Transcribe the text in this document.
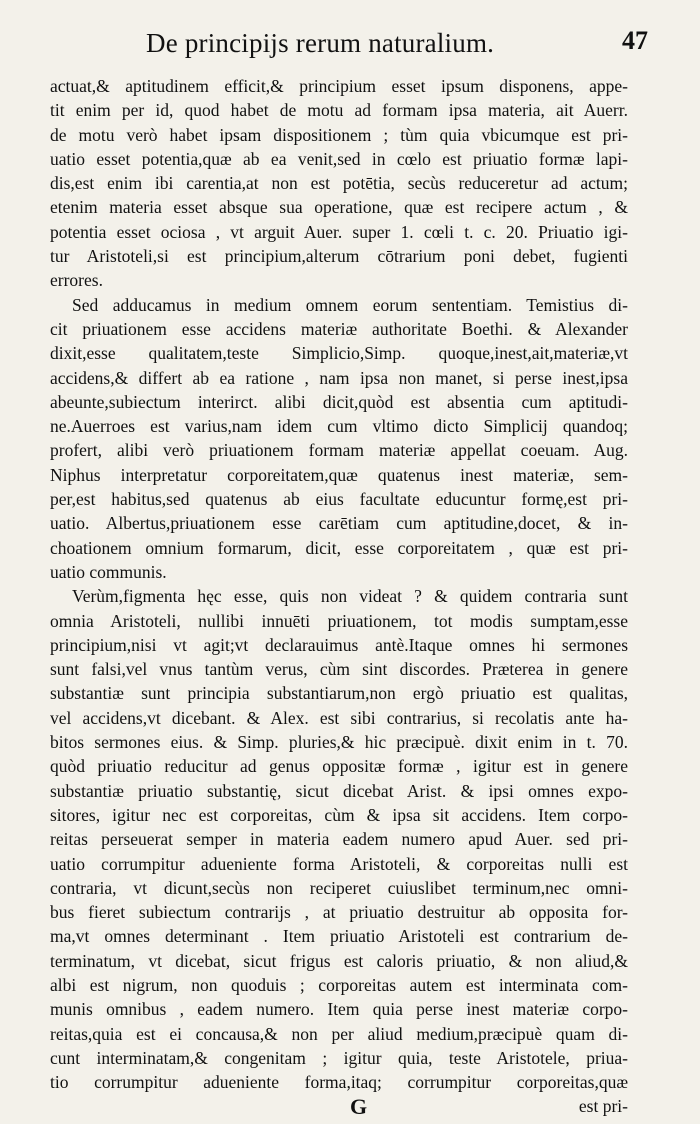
De principijs rerum naturalium.	47
actuat,& aptitudinem efficit,& principium esset ipsum disponens, appe-
tit enim per id, quod habet de motu ad formam ipsa materia, ait Auerr.
de motu verò habet ipsam dispositionem ; tùm quia vbicumque est pri-
uatio esset potentia,quæ ab ea venit,sed in cœlo est priuatio formæ lapi-
dis,est enim ibi carentia,at non est potētia, secùs reduceretur ad actum;
etenim materia esset absque sua operatione, quæ est recipere actum , &
potentia esset ociosa , vt arguit Auer. super 1. cœli t. c. 20. Priuatio igi-
tur Aristoteli,si est principium,alterum cōtrarium poni debet, fugienti
errores.
Sed adducamus in medium omnem eorum sententiam. Temistius di-
cit priuationem esse accidens materiæ authoritate Boethi. & Alexander
dixit,esse qualitatem,teste Simplicio,Simp. quoque,inest,ait,materiæ,vt
accidens,& differt ab ea ratione , nam ipsa non manet, si perse inest,ipsa
abeunte,subiectum interirct. alibi dicit,quòd est absentia cum aptitudi-
ne.Auerroes est varius,nam idem cum vltimo dicto Simplicij quandoq;
profert, alibi verò priuationem formam materiæ appellat coeuam. Aug.
Niphus interpretatur corporeitatem,quæ quatenus inest materiæ, sem-
per,est habitus,sed quatenus ab eius facultate educuntur formę,est pri-
uatio. Albertus,priuationem esse carētiam cum aptitudine,docet, & in-
choationem omnium formarum, dicit, esse corporeitatem , quæ est pri-
uatio communis.
Verùm,figmenta hęc esse, quis non videat ? & quidem contraria sunt
omnia Aristoteli, nullibi innuēti priuationem, tot modis sumptam,esse
principium,nisi vt agit;vt declarauimus antè.Itaque omnes hi sermones
sunt falsi,vel vnus tantùm verus, cùm sint discordes. Præterea in genere
substantiæ sunt principia substantiarum,non ergò priuatio est qualitas,
vel accidens,vt dicebant. & Alex. est sibi contrarius, si recolatis ante ha-
bitos sermones eius. & Simp. pluries,& hic præcipuè. dixit enim in t. 70.
quòd priuatio reducitur ad genus oppositæ formæ , igitur est in genere
substantiæ priuatio substantię, sicut dicebat Arist. & ipsi omnes expo-
sitores, igitur nec est corporeitas, cùm & ipsa sit accidens. Item corpo-
reitas perseuerat semper in materia eadem numero apud Auer. sed pri-
uatio corrumpitur adueniente forma Aristoteli, & corporeitas nulli est
contraria, vt dicunt,secùs non reciperet cuiuslibet terminum,nec omni-
bus fieret subiectum contrarijs , at priuatio destruitur ab opposita for-
ma,vt omnes determinant . Item priuatio Aristoteli est contrarium de-
terminatum, vt dicebat, sicut frigus est caloris priuatio, & non aliud,&
albi est nigrum, non quoduis ; corporeitas autem est interminata com-
munis omnibus , eadem numero. Item quia perse inest materiæ corpo-
reitas,quia est ei concausa,& non per aliud medium,præcipuè quam di-
cunt interminatam,& congenitam ; igitur quia, teste Aristotele, priua-
tio corrumpitur adueniente forma,itaq; corrumpitur corporeitas,quæ
G	est pri-
